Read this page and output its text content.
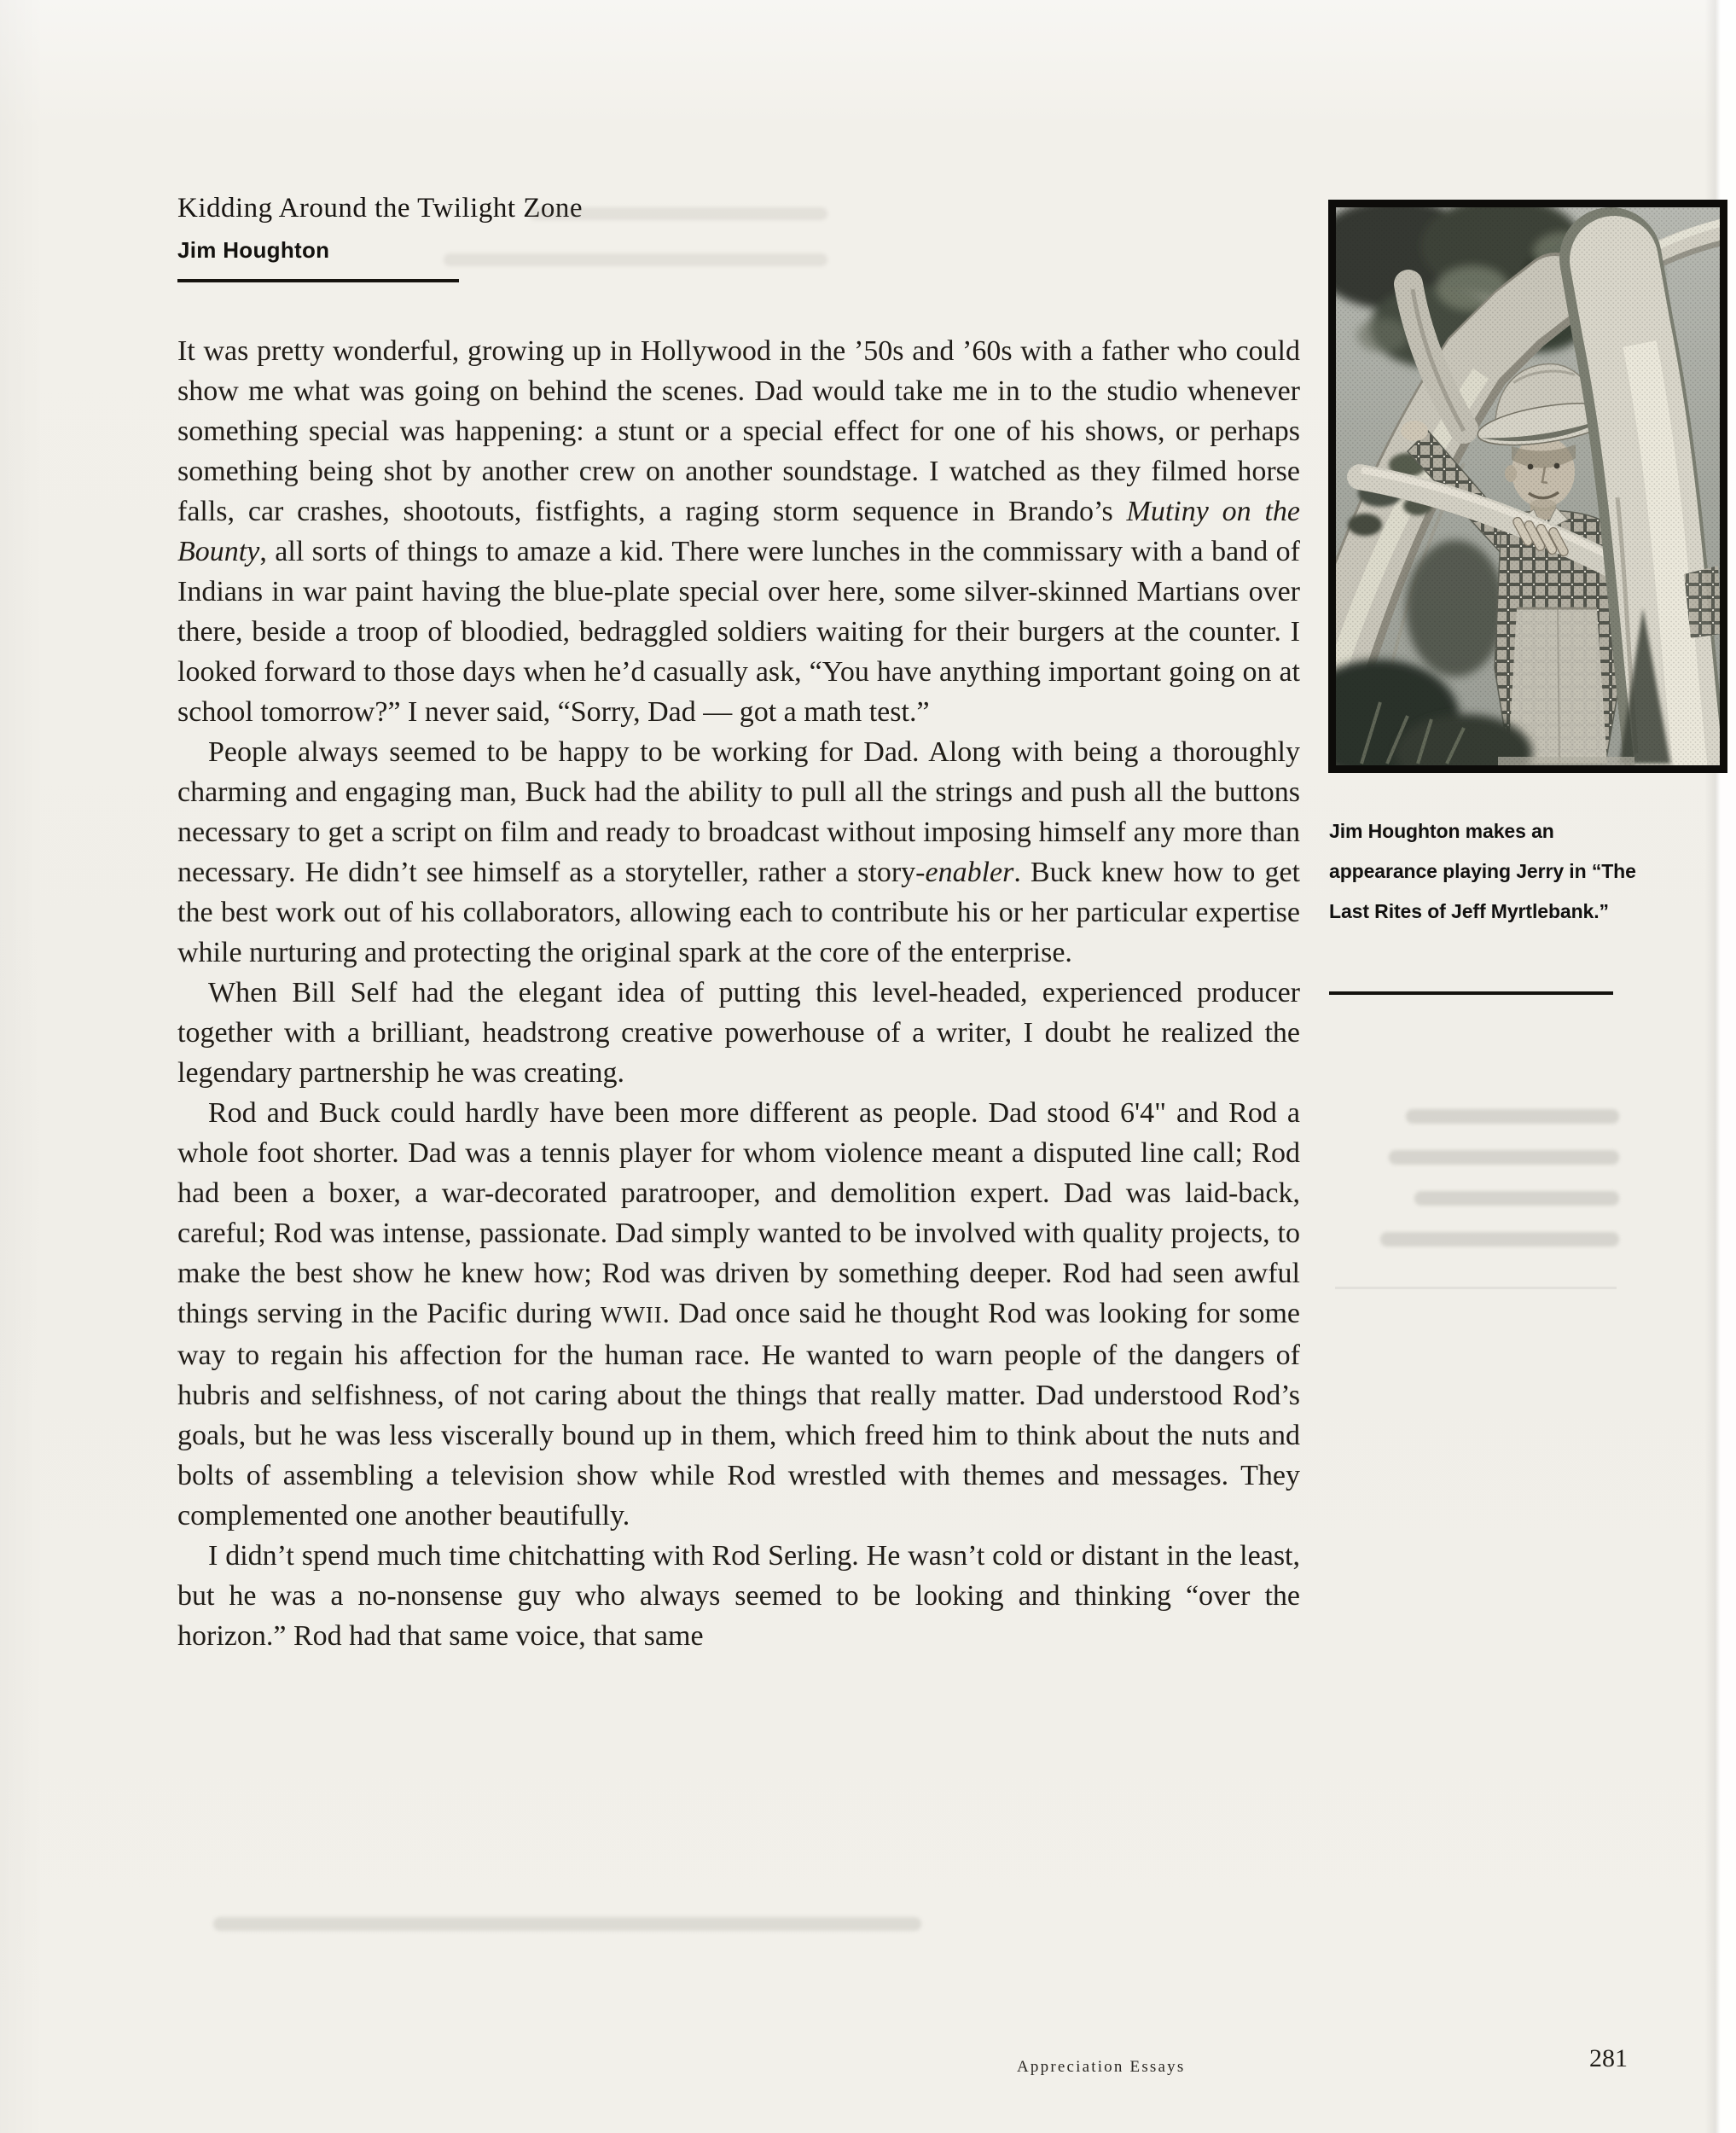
Kidding Around the Twilight Zone
Jim Houghton

It was pretty wonderful, growing up in Hollywood in the ’50s and ’60s with a father who could show me what was going on behind the scenes. Dad would take me in to the studio whenever something special was happening: a stunt or a special effect for one of his shows, or perhaps something being shot by another crew on another soundstage. I watched as they filmed horse falls, car crashes, shootouts, fistfights, a raging storm sequence in Brando’s Mutiny on the Bounty, all sorts of things to amaze a kid. There were lunches in the commissary with a band of Indians in war paint having the blue-plate special over here, some silver-skinned Martians over there, beside a troop of bloodied, bedraggled soldiers waiting for their burgers at the counter. I looked forward to those days when he’d casually ask, “You have anything important going on at school tomorrow?” I never said, “Sorry, Dad — got a math test.”

People always seemed to be happy to be working for Dad. Along with being a thoroughly charming and engaging man, Buck had the ability to pull all the strings and push all the buttons necessary to get a script on film and ready to broadcast without imposing himself any more than necessary. He didn’t see himself as a storyteller, rather a story-enabler. Buck knew how to get the best work out of his collaborators, allowing each to contribute his or her particular expertise while nurturing and protecting the original spark at the core of the enterprise.

When Bill Self had the elegant idea of putting this level-headed, experienced producer together with a brilliant, headstrong creative powerhouse of a writer, I doubt he realized the legendary partnership he was creating.

Rod and Buck could hardly have been more different as people. Dad stood 6'4" and Rod a whole foot shorter. Dad was a tennis player for whom violence meant a disputed line call; Rod had been a boxer, a war-decorated paratrooper, and demolition expert. Dad was laid-back, careful; Rod was intense, passionate. Dad simply wanted to be involved with quality projects, to make the best show he knew how; Rod was driven by something deeper. Rod had seen awful things serving in the Pacific during WWII. Dad once said he thought Rod was looking for some way to regain his affection for the human race. He wanted to warn people of the dangers of hubris and selfishness, of not caring about the things that really matter. Dad understood Rod’s goals, but he was less viscerally bound up in them, which freed him to think about the nuts and bolts of assembling a television show while Rod wrestled with themes and messages. They complemented one another beautifully.

I didn’t spend much time chitchatting with Rod Serling. He wasn’t cold or distant in the least, but he was a no-nonsense guy who always seemed to be looking and thinking “over the horizon.” Rod had that same voice, that same

Jim Houghton makes an appearance playing Jerry in “The Last Rites of Jeff Myrtlebank.”
Appreciation Essays	281
